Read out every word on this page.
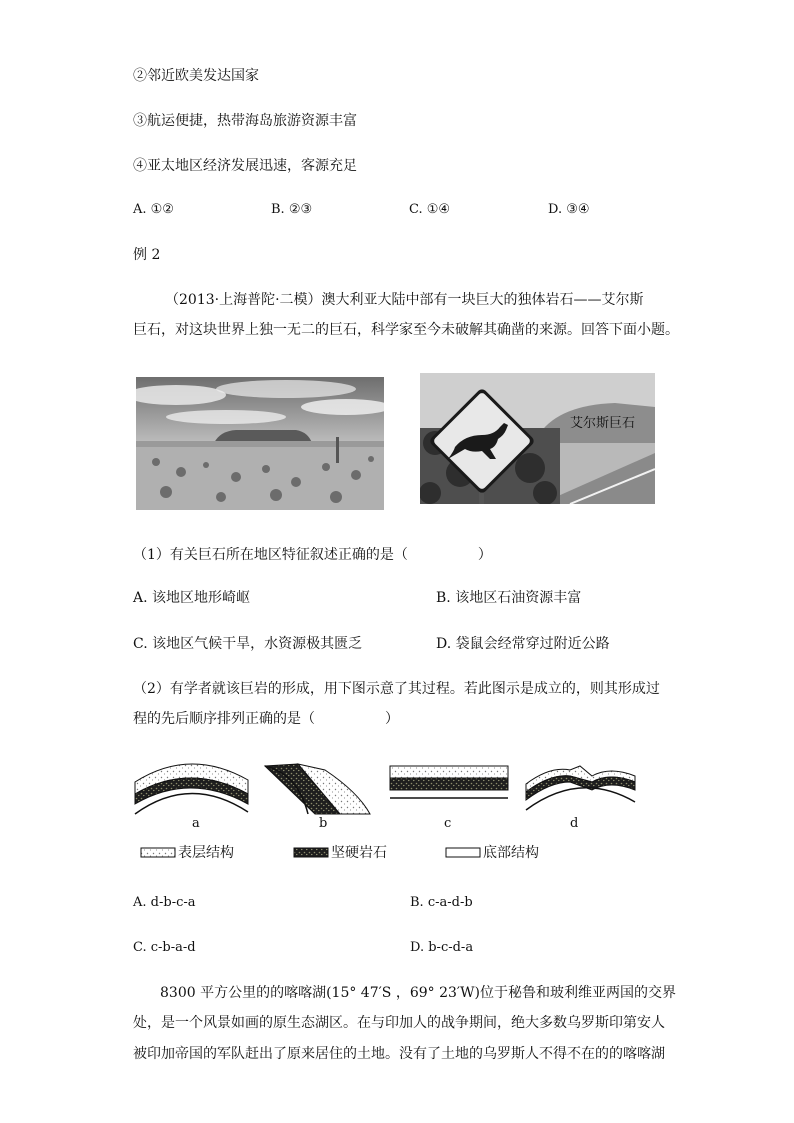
②邻近欧美发达国家
③航运便捷，热带海岛旅游资源丰富
④亚太地区经济发展迅速，客源充足
A. ①②	B. ②③	C. ①④	D. ③④
例 2
（2013·上海普陀·二模）澳大利亚大陆中部有一块巨大的独体岩石——艾尔斯
巨石，对这块世界上独一无二的巨石，科学家至今未破解其确凿的来源。回答下面小题。
艾尔斯巨石
（1）有关巨石所在地区特征叙述正确的是（　　　　　）
A. 该地区地形崎岖	B. 该地区石油资源丰富
C. 该地区气候干旱，水资源极其匮乏	D. 袋鼠会经常穿过附近公路
（2）有学者就该巨岩的形成，用下图示意了其过程。若此图示是成立的，则其形成过
程的先后顺序排列正确的是（　　　　　）
a	b	c	d
表层结构	坚硬岩石	底部结构
A. d-b-c-a	B. c-a-d-b
C. c-b-a-d	D. b-c-d-a
8300 平方公里的的喀喀湖(15° 47′S ，69° 23′W)位于秘鲁和玻利维亚两国的交界
处，是一个风景如画的原生态湖区。在与印加人的战争期间，绝大多数乌罗斯印第安人
被印加帝国的军队赶出了原来居住的土地。没有了土地的乌罗斯人不得不在的的喀喀湖
